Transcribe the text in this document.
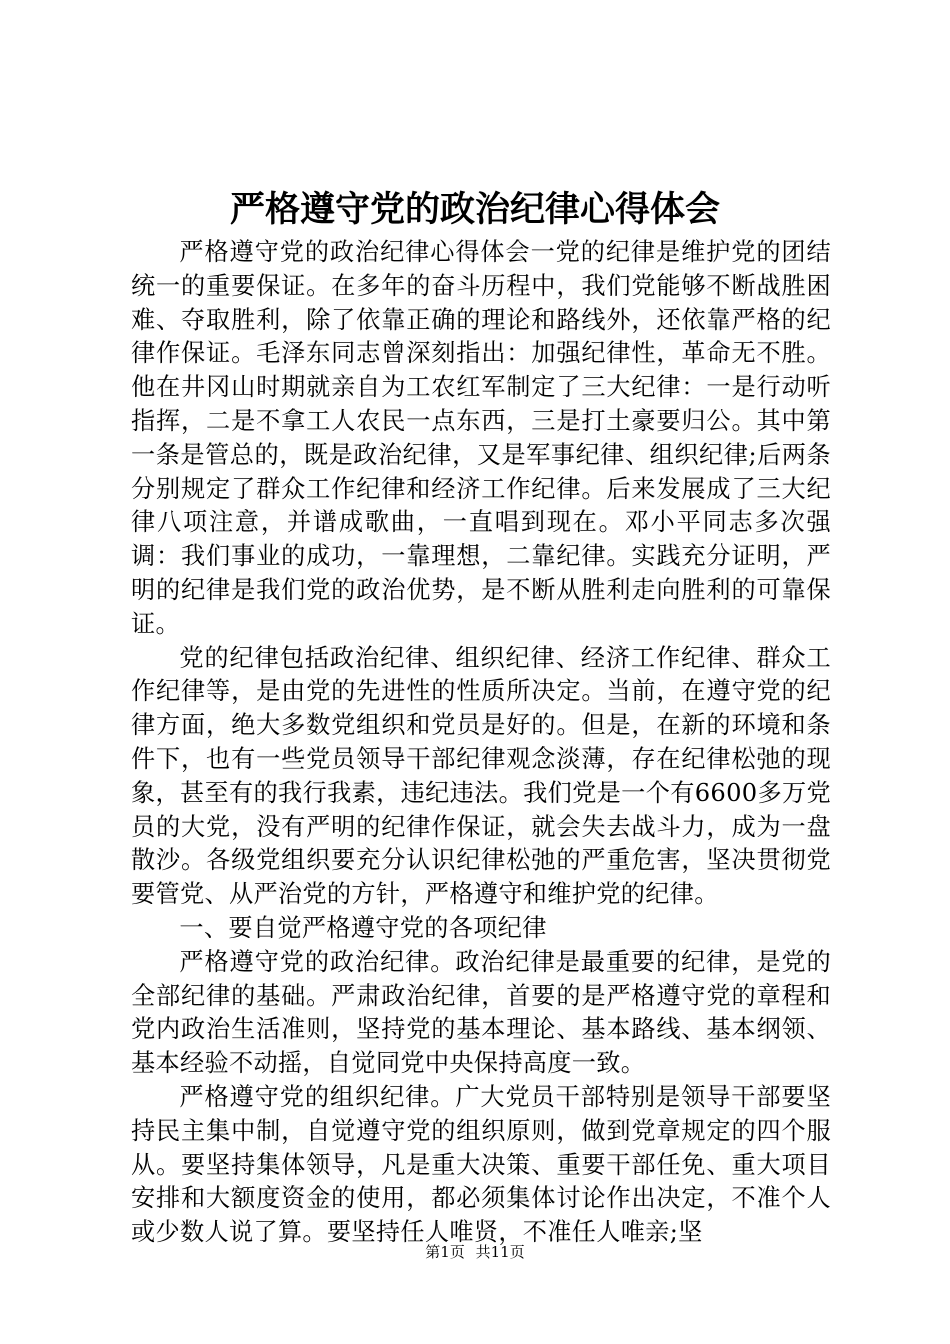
严格遵守党的政治纪律心得体会

严格遵守党的政治纪律心得体会一党的纪律是维护党的团结统一的重要保证。在多年的奋斗历程中，我们党能够不断战胜困难、夺取胜利，除了依靠正确的理论和路线外，还依靠严格的纪律作保证。毛泽东同志曾深刻指出：加强纪律性，革命无不胜。他在井冈山时期就亲自为工农红军制定了三大纪律：一是行动听指挥，二是不拿工人农民一点东西，三是打土豪要归公。其中第一条是管总的，既是政治纪律，又是军事纪律、组织纪律;后两条分别规定了群众工作纪律和经济工作纪律。后来发展成了三大纪律八项注意，并谱成歌曲，一直唱到现在。邓小平同志多次强调：我们事业的成功，一靠理想，二靠纪律。实践充分证明，严明的纪律是我们党的政治优势，是不断从胜利走向胜利的可靠保证。

党的纪律包括政治纪律、组织纪律、经济工作纪律、群众工作纪律等，是由党的先进性的性质所决定。当前，在遵守党的纪律方面，绝大多数党组织和党员是好的。但是，在新的环境和条件下，也有一些党员领导干部纪律观念淡薄，存在纪律松弛的现象，甚至有的我行我素，违纪违法。我们党是一个有6600多万党员的大党，没有严明的纪律作保证，就会失去战斗力，成为一盘散沙。各级党组织要充分认识纪律松弛的严重危害，坚决贯彻党要管党、从严治党的方针，严格遵守和维护党的纪律。

一、要自觉严格遵守党的各项纪律

严格遵守党的政治纪律。政治纪律是最重要的纪律，是党的全部纪律的基础。严肃政治纪律，首要的是严格遵守党的章程和党内政治生活准则，坚持党的基本理论、基本路线、基本纲领、基本经验不动摇，自觉同党中央保持高度一致。

严格遵守党的组织纪律。广大党员干部特别是领导干部要坚持民主集中制，自觉遵守党的组织原则，做到党章规定的四个服从。要坚持集体领导，凡是重大决策、重要干部任免、重大项目安排和大额度资金的使用，都必须集体讨论作出决定，不准个人或少数人说了算。要坚持任人唯贤，不准任人唯亲;坚

第1页 共11页
